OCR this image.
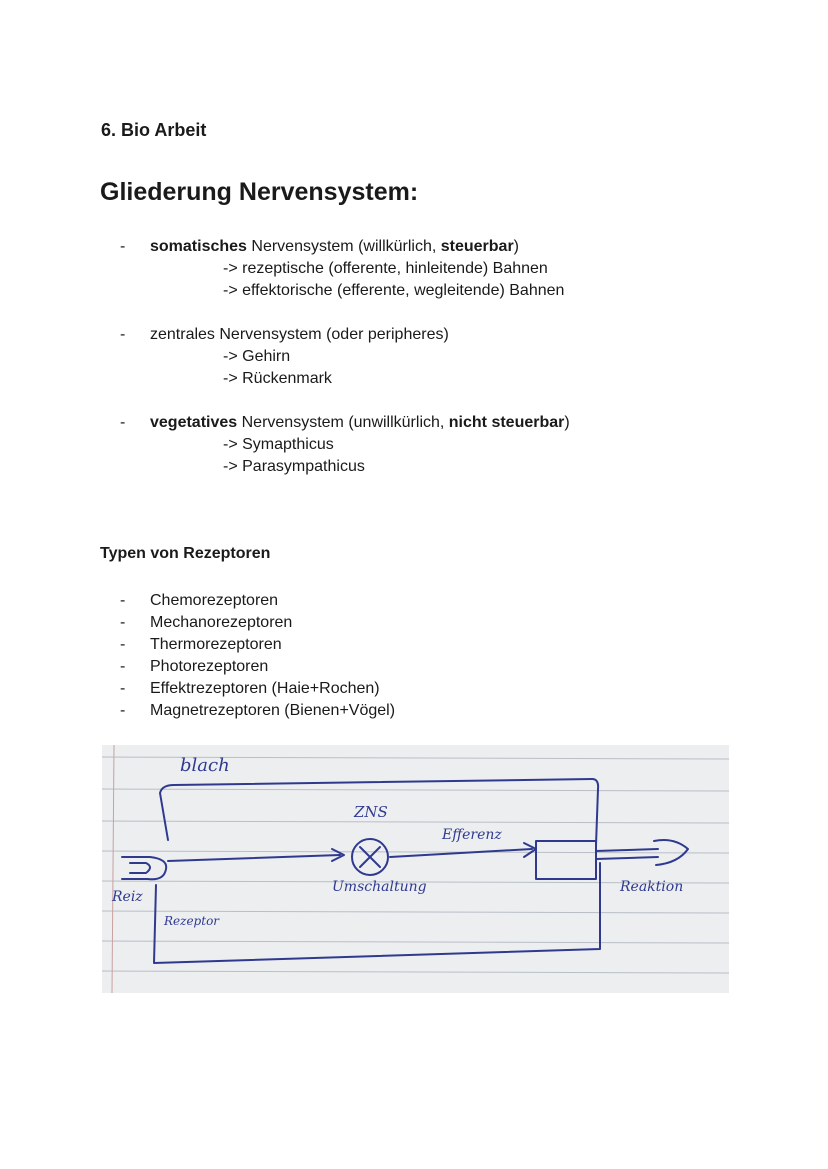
6. Bio Arbeit
Gliederung Nervensystem:
-	somatisches Nervensystem (willkürlich, steuerbar)
-> rezeptische (offerente, hinleitende) Bahnen
-> effektorische (efferente, wegleitende) Bahnen
-	zentrales Nervensystem (oder peripheres)
-> Gehirn
-> Rückenmark
-	vegetatives Nervensystem (unwillkürlich, nicht steuerbar)
-> Symapthicus
-> Parasympathicus
Typen von Rezeptoren
-	Chemorezeptoren
-	Mechanorezeptoren
-	Thermorezeptoren
-	Photorezeptoren
-	Effektrezeptoren (Haie+Rochen)
-	Magnetrezeptoren (Bienen+Vögel)
blach
ZNS
Efferenz
Umschaltung
Reiz
Rezeptor
Reaktion
